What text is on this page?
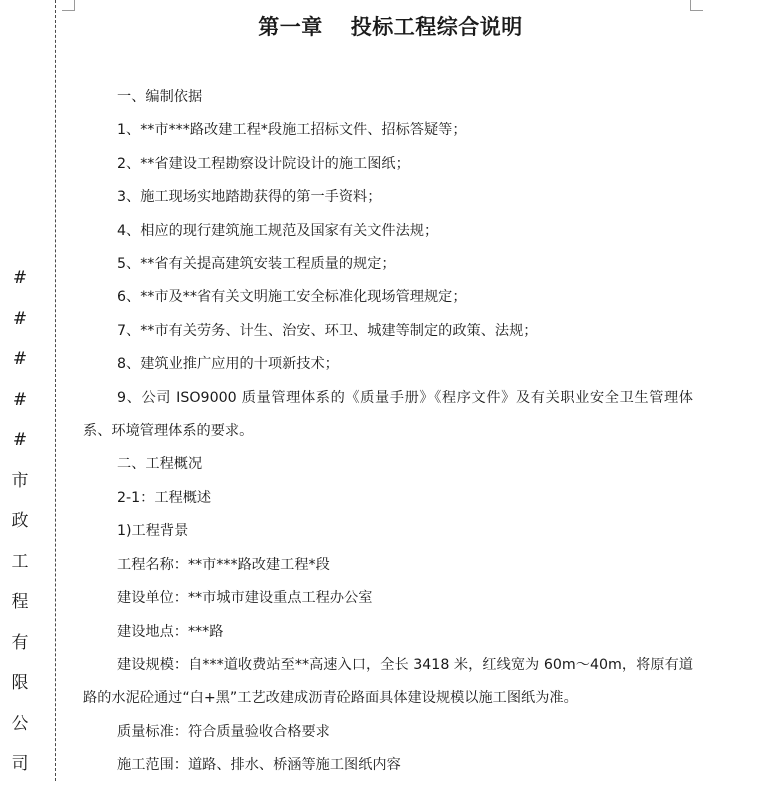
#
#
#
#
#
市
政
工
程
有
限
公
司
第一章 投标工程综合说明

一、编制依据

1、**市***路改建工程*段施工招标文件、招标答疑等；

2、**省建设工程勘察设计院设计的施工图纸；

3、施工现场实地踏勘获得的第一手资料；

4、相应的现行建筑施工规范及国家有关文件法规；

5、**省有关提高建筑安装工程质量的规定；

6、**市及**省有关文明施工安全标准化现场管理规定；

7、**市有关劳务、计生、治安、环卫、城建等制定的政策、法规；

8、建筑业推广应用的十项新技术；

9、公司 ISO9000 质量管理体系的《质量手册》《程序文件》及有关职业安全卫生管理体系、环境管理体系的要求。

二、工程概况

2-1：工程概述

1)工程背景

工程名称：**市***路改建工程*段

建设单位：**市城市建设重点工程办公室

建设地点：***路

建设规模：自***道收费站至**高速入口，全长 3418 米，红线宽为 60m～40m，将原有道路的水泥砼通过“白+黑”工艺改建成沥青砼路面具体建设规模以施工图纸为准。

质量标准：符合质量验收合格要求

施工范围：道路、排水、桥涵等施工图纸内容
